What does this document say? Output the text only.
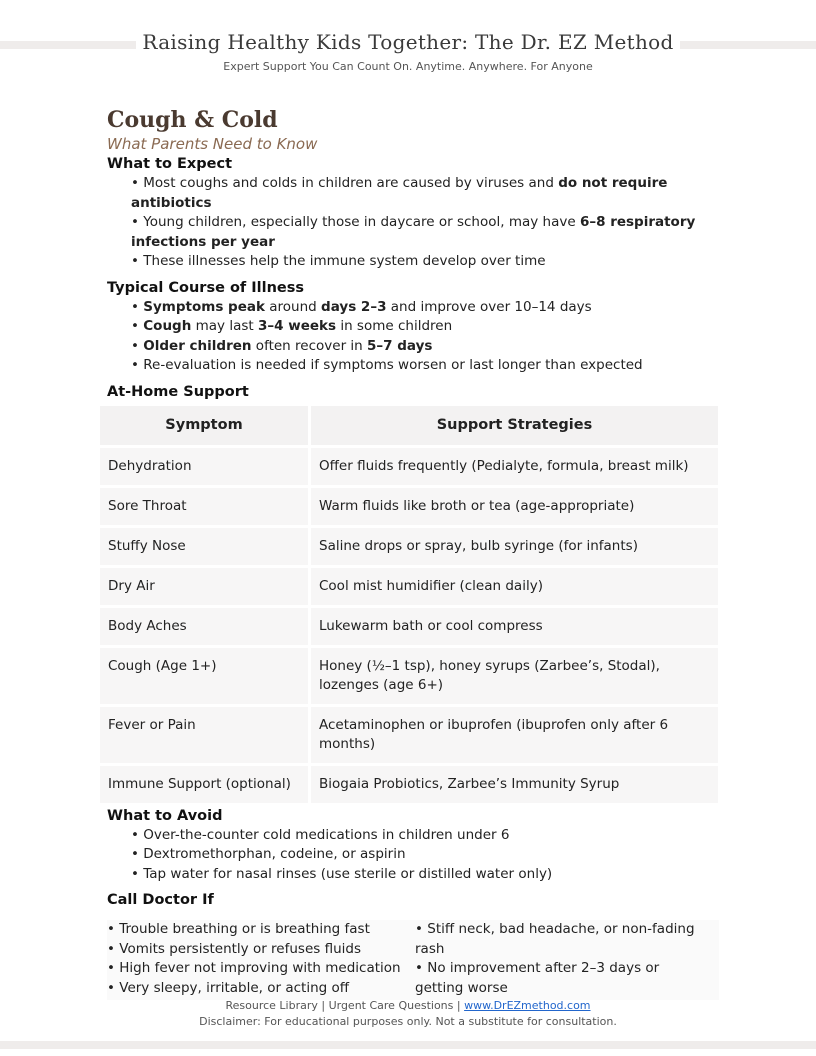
Raising Healthy Kids Together: The Dr. EZ Method
Expert Support You Can Count On. Anytime. Anywhere. For Anyone
Cough & Cold
What Parents Need to Know
What to Expect
• Most coughs and colds in children are caused by viruses and do not require antibiotics
• Young children, especially those in daycare or school, may have 6–8 respiratory infections per year
• These illnesses help the immune system develop over time
Typical Course of Illness
• Symptoms peak around days 2–3 and improve over 10–14 days
• Cough may last 3–4 weeks in some children
• Older children often recover in 5–7 days
• Re-evaluation is needed if symptoms worsen or last longer than expected
At-Home Support
Symptom	Support Strategies
Dehydration	Offer fluids frequently (Pedialyte, formula, breast milk)
Sore Throat	Warm fluids like broth or tea (age-appropriate)
Stuffy Nose	Saline drops or spray, bulb syringe (for infants)
Dry Air	Cool mist humidifier (clean daily)
Body Aches	Lukewarm bath or cool compress
Cough (Age 1+)	Honey (½–1 tsp), honey syrups (Zarbee’s, Stodal), lozenges (age 6+)
Fever or Pain	Acetaminophen or ibuprofen (ibuprofen only after 6 months)
Immune Support (optional)	Biogaia Probiotics, Zarbee’s Immunity Syrup
What to Avoid
• Over-the-counter cold medications in children under 6
• Dextromethorphan, codeine, or aspirin
• Tap water for nasal rinses (use sterile or distilled water only)
Call Doctor If
• Trouble breathing or is breathing fast
• Vomits persistently or refuses fluids
• High fever not improving with medication
• Very sleepy, irritable, or acting off
• Stiff neck, bad headache, or non-fading rash
• No improvement after 2–3 days or getting worse
Resource Library | Urgent Care Questions | www.DrEZmethod.com
Disclaimer: For educational purposes only. Not a substitute for consultation.
